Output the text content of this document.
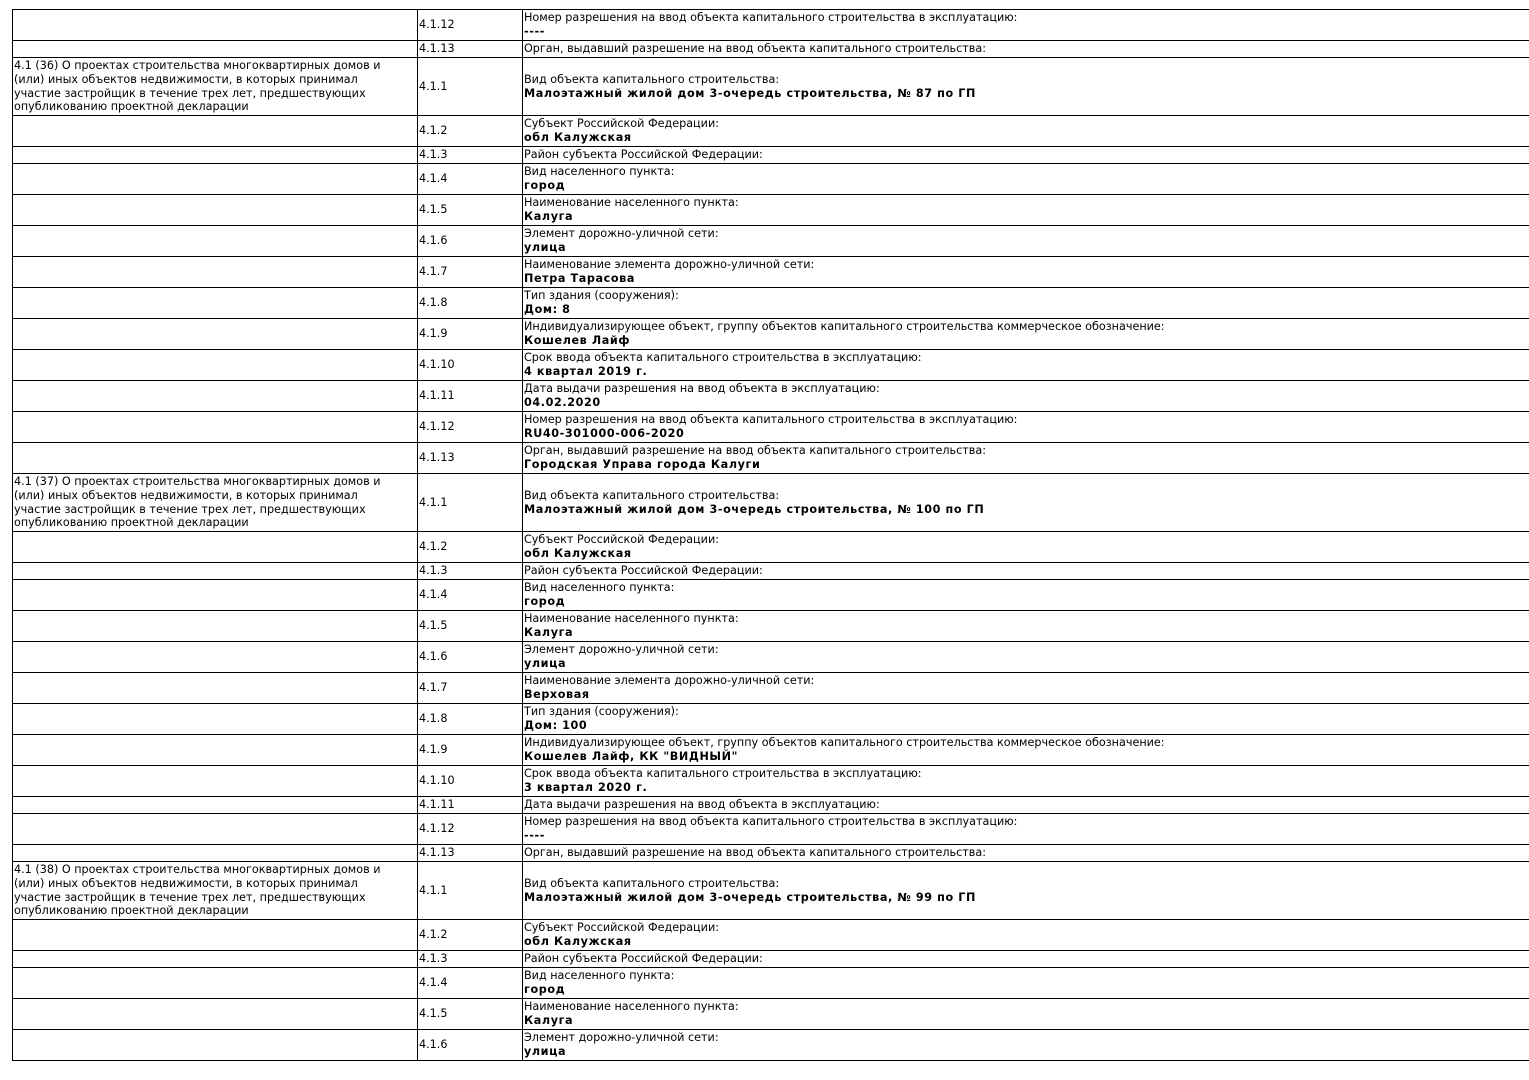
	4.1.12	Номер разрешения на ввод объекта капитального строительства в эксплуатацию:
----

	4.1.13	Орган, выдавший разрешение на ввод объекта капитального строительства:

4.1 (36) О проектах строительства многоквартирных домов и (или) иных объектов недвижимости, в которых принимал участие застройщик в течение трех лет, предшествующих опубликованию проектной декларации	4.1.1	Вид объекта капитального строительства:
Малоэтажный жилой дом 3-очередь строительства, № 87 по ГП

	4.1.2	Субъект Российской Федерации:
обл Калужская

	4.1.3	Район субъекта Российской Федерации:

	4.1.4	Вид населенного пункта:
город

	4.1.5	Наименование населенного пункта:
Калуга

	4.1.6	Элемент дорожно-уличной сети:
улица

	4.1.7	Наименование элемента дорожно-уличной сети:
Петра Тарасова

	4.1.8	Тип здания (сооружения):
Дом: 8

	4.1.9	Индивидуализирующее объект, группу объектов капитального строительства коммерческое обозначение:
Кошелев Лайф

	4.1.10	Срок ввода объекта капитального строительства в эксплуатацию:
4 квартал 2019 г.

	4.1.11	Дата выдачи разрешения на ввод объекта в эксплуатацию:
04.02.2020

	4.1.12	Номер разрешения на ввод объекта капитального строительства в эксплуатацию:
RU40-301000-006-2020

	4.1.13	Орган, выдавший разрешение на ввод объекта капитального строительства:
Городская Управа города Калуги

4.1 (37) О проектах строительства многоквартирных домов и (или) иных объектов недвижимости, в которых принимал участие застройщик в течение трех лет, предшествующих опубликованию проектной декларации	4.1.1	Вид объекта капитального строительства:
Малоэтажный жилой дом 3-очередь строительства, № 100 по ГП

	4.1.2	Субъект Российской Федерации:
обл Калужская

	4.1.3	Район субъекта Российской Федерации:

	4.1.4	Вид населенного пункта:
город

	4.1.5	Наименование населенного пункта:
Калуга

	4.1.6	Элемент дорожно-уличной сети:
улица

	4.1.7	Наименование элемента дорожно-уличной сети:
Верховая

	4.1.8	Тип здания (сооружения):
Дом: 100

	4.1.9	Индивидуализирующее объект, группу объектов капитального строительства коммерческое обозначение:
Кошелев Лайф, КК "ВИДНЫЙ"

	4.1.10	Срок ввода объекта капитального строительства в эксплуатацию:
3 квартал 2020 г.

	4.1.11	Дата выдачи разрешения на ввод объекта в эксплуатацию:

	4.1.12	Номер разрешения на ввод объекта капитального строительства в эксплуатацию:
----

	4.1.13	Орган, выдавший разрешение на ввод объекта капитального строительства:

4.1 (38) О проектах строительства многоквартирных домов и (или) иных объектов недвижимости, в которых принимал участие застройщик в течение трех лет, предшествующих опубликованию проектной декларации	4.1.1	Вид объекта капитального строительства:
Малоэтажный жилой дом 3-очередь строительства, № 99 по ГП

	4.1.2	Субъект Российской Федерации:
обл Калужская

	4.1.3	Район субъекта Российской Федерации:

	4.1.4	Вид населенного пункта:
город

	4.1.5	Наименование населенного пункта:
Калуга

	4.1.6	Элемент дорожно-уличной сети:
улица
